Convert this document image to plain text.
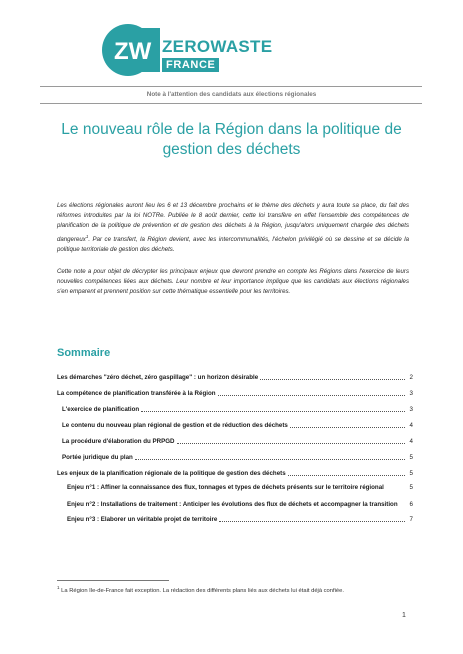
ZW ZEROWASTE
FRANCE
Note à l'attention des candidats aux élections régionales
Le nouveau rôle de la Région dans la politique de gestion des déchets

Les élections régionales auront lieu les 6 et 13 décembre prochains et le thème des déchets y aura toute sa place, du fait des réformes introduites par la loi NOTRe. Publiée le 8 août dernier, cette loi transfère en effet l'ensemble des compétences de planification de la politique de prévention et de gestion des déchets à la Région, jusqu'alors uniquement chargée des déchets dangereux$^1$. Par ce transfert, la Région devient, avec les intercommunalités, l'échelon privilégié où se dessine et se décide la politique territoriale de gestion des déchets.

Cette note a pour objet de décrypter les principaux enjeux que devront prendre en compte les Régions dans l'exercice de leurs nouvelles compétences liées aux déchets. Leur nombre et leur importance implique que les candidats aux élections régionales s'en emparent et prennent position sur cette thématique essentielle pour les territoires.

Sommaire
Les démarches "zéro déchet, zéro gaspillage" : un horizon désirable	2
La compétence de planification transférée à la Région	3
L'exercice de planification	3
Le contenu du nouveau plan régional de gestion et de réduction des déchets	4
La procédure d'élaboration du PRPGD	4
Portée juridique du plan	5
Les enjeux de la planification régionale de la politique de gestion des déchets	5
Enjeu n°1 : Affiner la connaissance des flux, tonnages et types de déchets présents sur le territoire régional	5
Enjeu n°2 : Installations de traitement : Anticiper les évolutions des flux de déchets et accompagner la transition	6
Enjeu n°3 : Elaborer un véritable projet de territoire	7
$^1$ La Région Ile-de-France fait exception. La rédaction des différents plans liés aux déchets lui était déjà confiée.
1
